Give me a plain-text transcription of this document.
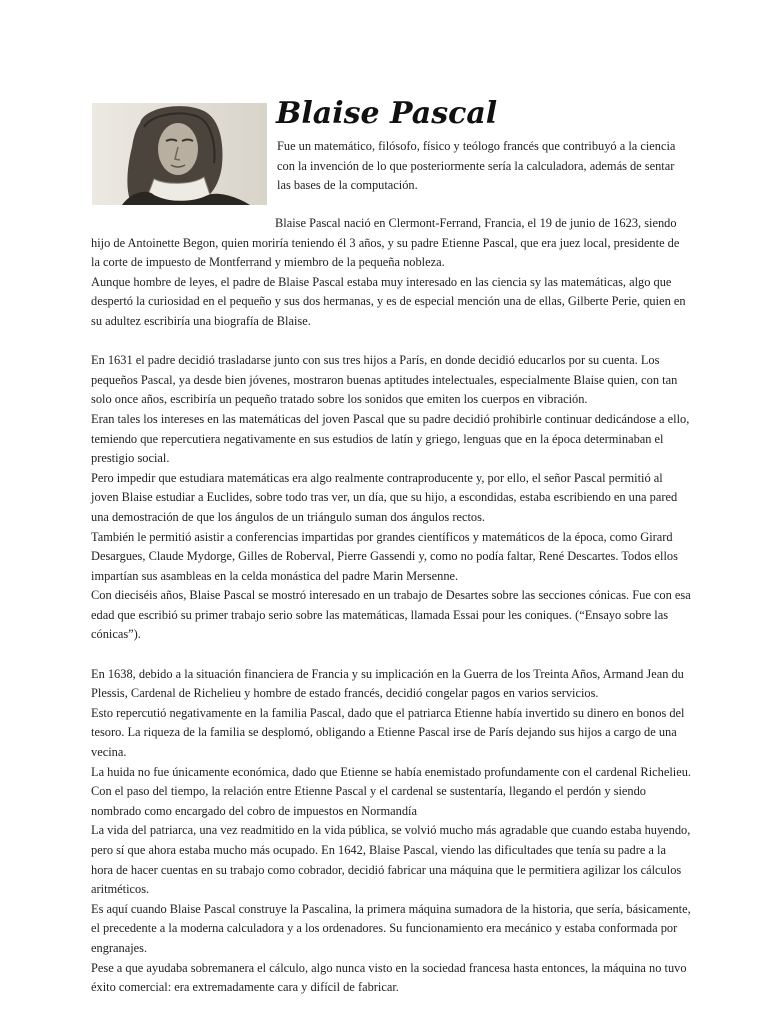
Blaise Pascal

Fue un matemático, filósofo, físico y teólogo francés que contribuyó a la ciencia con la invención de lo que posteriormente sería la calculadora, además de sentar las bases de la computación.

Blaise Pascal nació en Clermont-Ferrand, Francia, el 19 de junio de 1623, siendo hijo de Antoinette Begon, quien moriría teniendo él 3 años, y su padre Etienne Pascal, que era juez local, presidente de la corte de impuesto de Montferrand y miembro de la pequeña nobleza.

Aunque hombre de leyes, el padre de Blaise Pascal estaba muy interesado en las ciencia sy las matemáticas, algo que despertó la curiosidad en el pequeño y sus dos hermanas, y es de especial mención una de ellas, Gilberte Perie, quien en su adultez escribiría una biografía de Blaise.

En 1631 el padre decidió trasladarse junto con sus tres hijos a París, en donde decidió educarlos por su cuenta. Los pequeños Pascal, ya desde bien jóvenes, mostraron buenas aptitudes intelectuales, especialmente Blaise quien, con tan solo once años, escribiría un pequeño tratado sobre los sonidos que emiten los cuerpos en vibración.

Eran tales los intereses en las matemáticas del joven Pascal que su padre decidió prohibirle continuar dedicándose a ello, temiendo que repercutiera negativamente en sus estudios de latín y griego, lenguas que en la época determinaban el prestigio social.

Pero impedir que estudiara matemáticas era algo realmente contraproducente y, por ello, el señor Pascal permitió al joven Blaise estudiar a Euclides, sobre todo tras ver, un día, que su hijo, a escondidas, estaba escribiendo en una pared una demostración de que los ángulos de un triángulo suman dos ángulos rectos.

También le permitió asistir a conferencias impartidas por grandes científicos y matemáticos de la época, como Girard Desargues, Claude Mydorge, Gilles de Roberval, Pierre Gassendi y, como no podía faltar, René Descartes. Todos ellos impartían sus asambleas en la celda monástica del padre Marin Mersenne.

Con dieciséis años, Blaise Pascal se mostró interesado en un trabajo de Desartes sobre las secciones cónicas. Fue con esa edad que escribió su primer trabajo serio sobre las matemáticas, llamada Essai pour les coniques. (“Ensayo sobre las cónicas”).

En 1638, debido a la situación financiera de Francia y su implicación en la Guerra de los Treinta Años, Armand Jean du Plessis, Cardenal de Richelieu y hombre de estado francés, decidió congelar pagos en varios servicios.

Esto repercutió negativamente en la familia Pascal, dado que el patriarca Etienne había invertido su dinero en bonos del tesoro. La riqueza de la familia se desplomó, obligando a Etienne Pascal irse de París dejando sus hijos a cargo de una vecina.

La huida no fue únicamente económica, dado que Etienne se había enemistado profundamente con el cardenal Richelieu.

Con el paso del tiempo, la relación entre Etienne Pascal y el cardenal se sustentaría, llegando el perdón y siendo nombrado como encargado del cobro de impuestos en Normandía

La vida del patriarca, una vez readmitido en la vida pública, se volvió mucho más agradable que cuando estaba huyendo, pero sí que ahora estaba mucho más ocupado. En 1642, Blaise Pascal, viendo las dificultades que tenía su padre a la hora de hacer cuentas en su trabajo como cobrador, decidió fabricar una máquina que le permitiera agilizar los cálculos aritméticos.

Es aquí cuando Blaise Pascal construye la Pascalina, la primera máquina sumadora de la historia, que sería, básicamente, el precedente a la moderna calculadora y a los ordenadores. Su funcionamiento era mecánico y estaba conformada por engranajes.

Pese a que ayudaba sobremanera el cálculo, algo nunca visto en la sociedad francesa hasta entonces, la máquina no tuvo éxito comercial: era extremadamente cara y difícil de fabricar.
